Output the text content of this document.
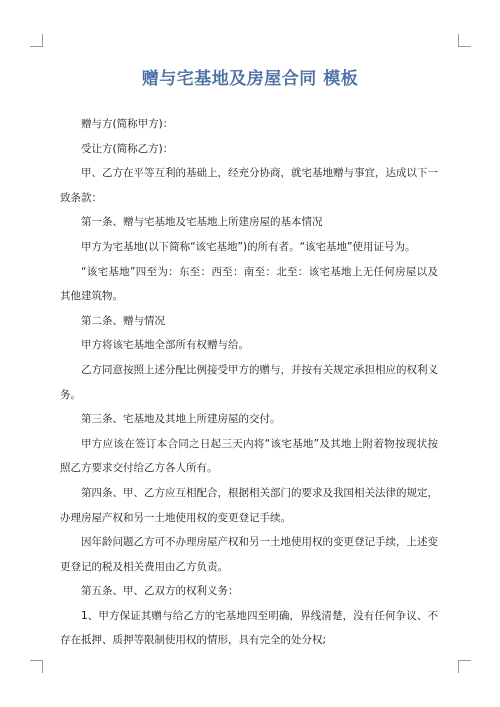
赠与宅基地及房屋合同 模板

赠与方(简称甲方)：

受让方(简称乙方)：

甲、乙方在平等互利的基础上，经充分协商，就宅基地赠与事宜，达成以下一致条款：

第一条、赠与宅基地及宅基地上所建房屋的基本情况

甲方为宅基地(以下简称“该宅基地”)的所有者。“该宅基地”使用证号为。

“该宅基地”四至为：东至：西至：南至：北至：该宅基地上无任何房屋以及其他建筑物。

第二条、赠与情况

甲方将该宅基地全部所有权赠与给。

乙方同意按照上述分配比例接受甲方的赠与，并按有关规定承担相应的权利义务。

第三条、宅基地及其地上所建房屋的交付。

甲方应该在签订本合同之日起三天内将“该宅基地”及其地上附着物按现状按照乙方要求交付给乙方各人所有。

第四条、甲、乙方应互相配合，根据相关部门的要求及我国相关法律的规定，办理房屋产权和另一土地使用权的变更登记手续。

因年龄问题乙方可不办理房屋产权和另一土地使用权的变更登记手续，上述变更登记的税及相关费用由乙方负责。

第五条、甲、乙双方的权利义务：

1、甲方保证其赠与给乙方的宅基地四至明确，界线清楚，没有任何争议、不存在抵押、质押等限制使用权的情形，具有完全的处分权;
